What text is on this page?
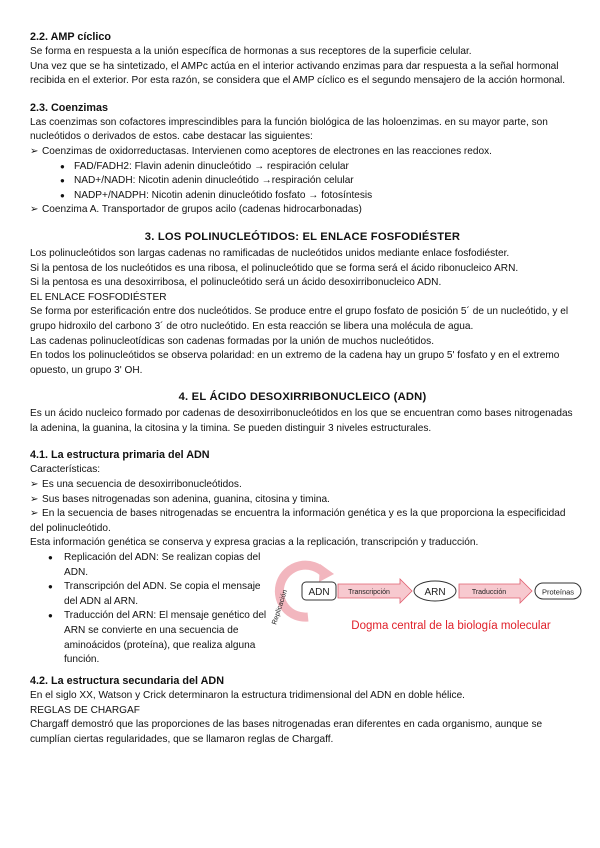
2.2. AMP cíclico

Se forma en respuesta a la unión específica de hormonas a sus receptores de la superficie celular.

Una vez que se ha sintetizado, el AMPc actúa en el interior activando enzimas para dar respuesta a la señal hormonal recibida en el exterior. Por esta razón, se considera que el AMP cíclico es el segundo mensajero de la acción hormonal.

2.3. Coenzimas

Las coenzimas son cofactores imprescindibles para la función biológica de las holoenzimas. en su mayor parte, son nucleótidos o derivados de estos. cabe destacar las siguientes:

➢ Coenzimas de oxidorreductasas. Intervienen como aceptores de electrones en las reacciones redox.

● FAD/FADH2: Flavin adenin dinucleótido → respiración celular
● NAD+/NADH: Nicotin adenin dinucleótido →respiración celular
● NADP+/NADPH: Nicotin adenin dinucleótido fosfato → fotosíntesis

➢ Coenzima A. Transportador de grupos acilo (cadenas hidrocarbonadas)

3. LOS POLINUCLEÓTIDOS: EL ENLACE FOSFODIÉSTER

Los polinucleótidos son largas cadenas no ramificadas de nucleótidos unidos mediante enlace fosfodiéster.

Si la pentosa de los nucleótidos es una ribosa, el polinucleótido que se forma será el ácido ribonucleico ARN.

Si la pentosa es una desoxirribosa, el polinucleótido será un ácido desoxirribonucleico ADN.

EL ENLACE FOSFODIÉSTER

Se forma por esterificación entre dos nucleótidos. Se produce entre el grupo fosfato de posición 5´ de un nucleótido, y el grupo hidroxilo del carbono 3´ de otro nucleótido. En esta reacción se libera una molécula de agua.

Las cadenas polinucleotídicas son cadenas formadas por la unión de muchos nucleótidos.

En todos los polinucleótidos se observa polaridad: en un extremo de la cadena hay un grupo 5' fosfato y en el extremo opuesto, un grupo 3' OH.

4. EL ÁCIDO DESOXIRRIBONUCLEICO (ADN)

Es un ácido nucleico formado por cadenas de desoxirribonucleótidos en los que se encuentran como bases nitrogenadas la adenina, la guanina, la citosina y la timina. Se pueden distinguir 3 niveles estructurales.

4.1. La estructura primaria del ADN

Características:

➢ Es una secuencia de desoxirribonucleótidos.

➢ Sus bases nitrogenadas son adenina, guanina, citosina y timina.

➢ En la secuencia de bases nitrogenadas se encuentra la información genética y es la que proporciona la especificidad del polinucleótido.

Esta información genética se conserva y expresa gracias a la replicación, transcripción y traducción.

● Replicación del ADN: Se realizan copias del ADN.
● Transcripción del ADN. Se copia el mensaje del ADN al ARN.
● Traducción del ARN: El mensaje genético del ARN se convierte en una secuencia de aminoácidos (proteína), que realiza alguna función.
Replicación ADN	Transcripción	ARN	Traducción	Proteínas
Dogma central de la biología molecular
4.2. La estructura secundaria del ADN

En el siglo XX, Watson y Crick determinaron la estructura tridimensional del ADN en doble hélice.

REGLAS DE CHARGAF

Chargaff demostró que las proporciones de las bases nitrogenadas eran diferentes en cada organismo, aunque se cumplían ciertas regularidades, que se llamaron reglas de Chargaff.
